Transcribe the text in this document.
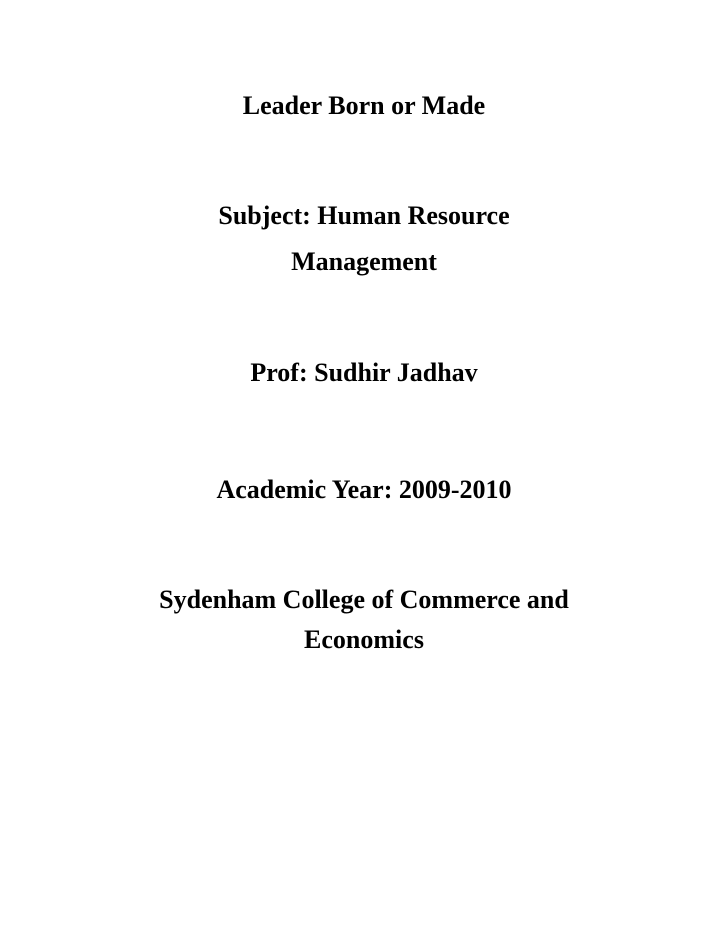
Leader Born or Made

Subject: Human Resource

Management

Prof: Sudhir Jadhav

Academic Year: 2009-2010

Sydenham College of Commerce and

Economics
